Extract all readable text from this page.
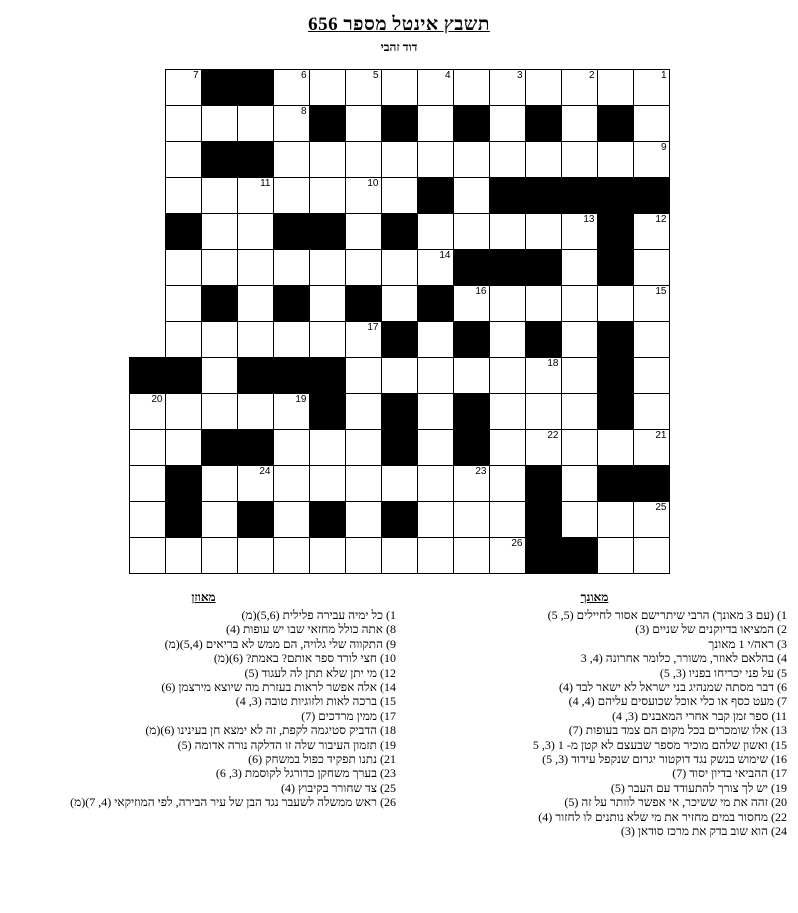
תשבץ אינטל מספר 656
דוד זהבי

	7			6		5		4		3		2		1

				8										

														9

			11			10								

												13		12

								14						

									16					15

						17								

											18			

20				19										

											22			21

			24						23					

														25

										26				

מאונך
1) (עם 3 מאונך) הרבי שיתרישם אסור לחיילים (5, 5)
2) המציאו בדיוקנים של שניים (3)
3) ראה/י 1 מאונך
4) בהלאם לאוזר, משורר, כלומר אחרונה (4, 3
5) על פני יכריחו בפניו (3, 5)
6) דבר מסתה שמנהיג בני ישראל לא ישאר לבד (4)
7) מעט כסף או כלי אוכל שכועסים עליהם (4, 4)
11) ספר זמן קבר אחרי המאבנים (3, 4)
13) אלו שומכרים בכל מקום הם צמד בעופות (7)
15) ואשון שלהם מוכיר מספר שבעצם לא קטן מ- 1 (3, 5
16) שימוש בנשק נגד דוקטור יגרום שנקפל עידוד (3, 5)
17) ההביאי בדיון יסוד (7)
19) יש לך צורך להתעודד עם העבר (5)
20) זהה את מי ששיכר, אי אפשר לוותר על זה (5)
22) מחסור במים מחזיר את מי שלא נותנים לו לחזור (4)
24) הוא שוב בדק את מרכז סודאן (3)
מאוזן
1) כל ימיה עבירה פלילית (5,6)(מ)
8) אתה כולל מחזאי שבו יש עופות (4)
9) התקווה שלי גלויה, הם ממש לא בריאים (5,4)(מ)
10) חצי לורד ספר אותם? באמת? (6)(מ)
12) מי יתן שלא תתן לה לעגוד (5)
14) אלה אפשר לראות בעזרת מה שיוצא מירצמן (6)
15) ברכה לאות ולזוגיות טובה (3, 4)
17) ממין מרדכים (7)
18) הדביק סטיגמה לקפת, זה לא ימצא חן בעינינו (6)(מ)
19) תזמון העיבור שלה זו הדלקה נורה אדומה (5)
21) נתנו תפקיד כפול במשחק (6)
23) בערך משחקן כדורגל לקוסמת (3, 6)
25) צד שחורר בקיבוץ (4)
26) ראש ממשלה לשעבר נגד הבן של עיר הבירה, לפי המוזיקאי (4, 7)(מ)
